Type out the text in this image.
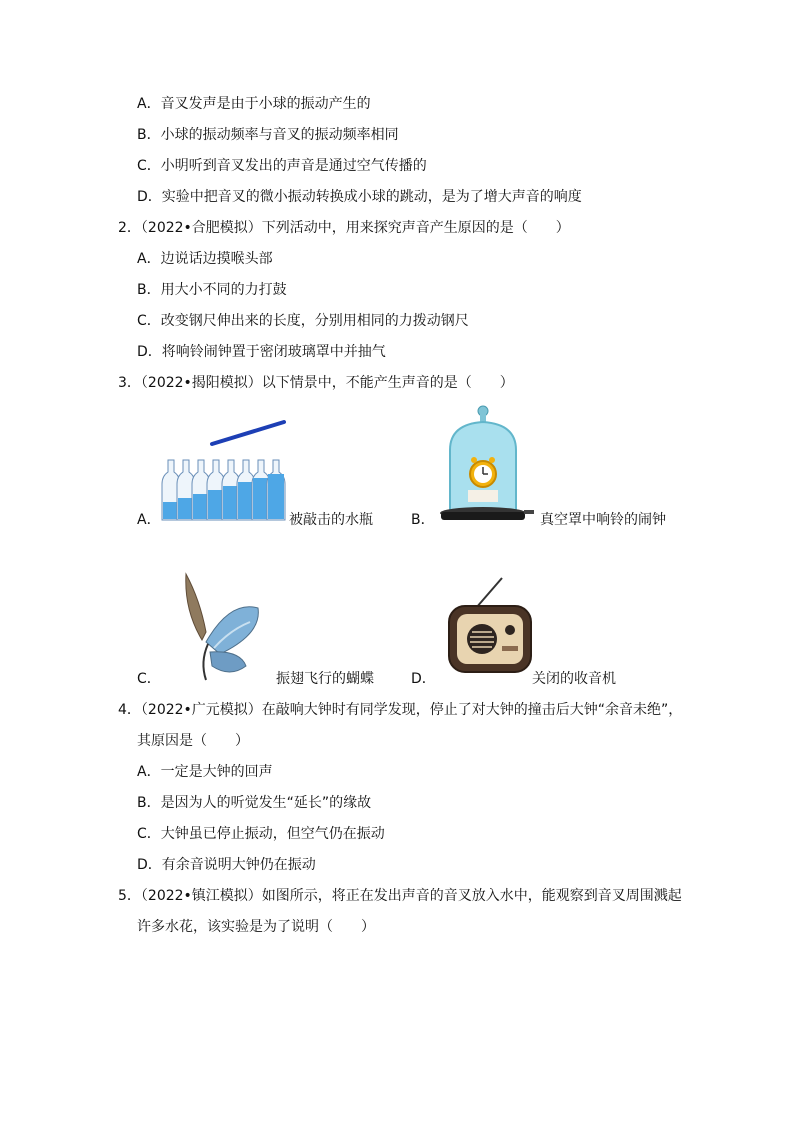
A．音叉发声是由于小球的振动产生的
B．小球的振动频率与音叉的振动频率相同
C．小明听到音叉发出的声音是通过空气传播的
D．实验中把音叉的微小振动转换成小球的跳动，是为了增大声音的响度
2．（2022•合肥模拟）下列活动中，用来探究声音产生原因的是（　　）
A．边说话边摸喉头部
B．用大小不同的力打鼓
C．改变钢尺伸出来的长度，分别用相同的力拨动钢尺
D．将响铃闹钟置于密闭玻璃罩中并抽气
3．（2022•揭阳模拟）以下情景中，不能产生声音的是（　　）
A．	被敲击的水瓶	B．	真空罩中响铃的闹钟
C．	振翅飞行的蝴蝶	D．	关闭的收音机
4．（2022•广元模拟）在敲响大钟时有同学发现，停止了对大钟的撞击后大钟“余音未绝”，
其原因是（　　）
A．一定是大钟的回声
B．是因为人的听觉发生“延长”的缘故
C．大钟虽已停止振动，但空气仍在振动
D．有余音说明大钟仍在振动
5．（2022•镇江模拟）如图所示，将正在发出声音的音叉放入水中，能观察到音叉周围溅起
许多水花，该实验是为了说明（　　）
